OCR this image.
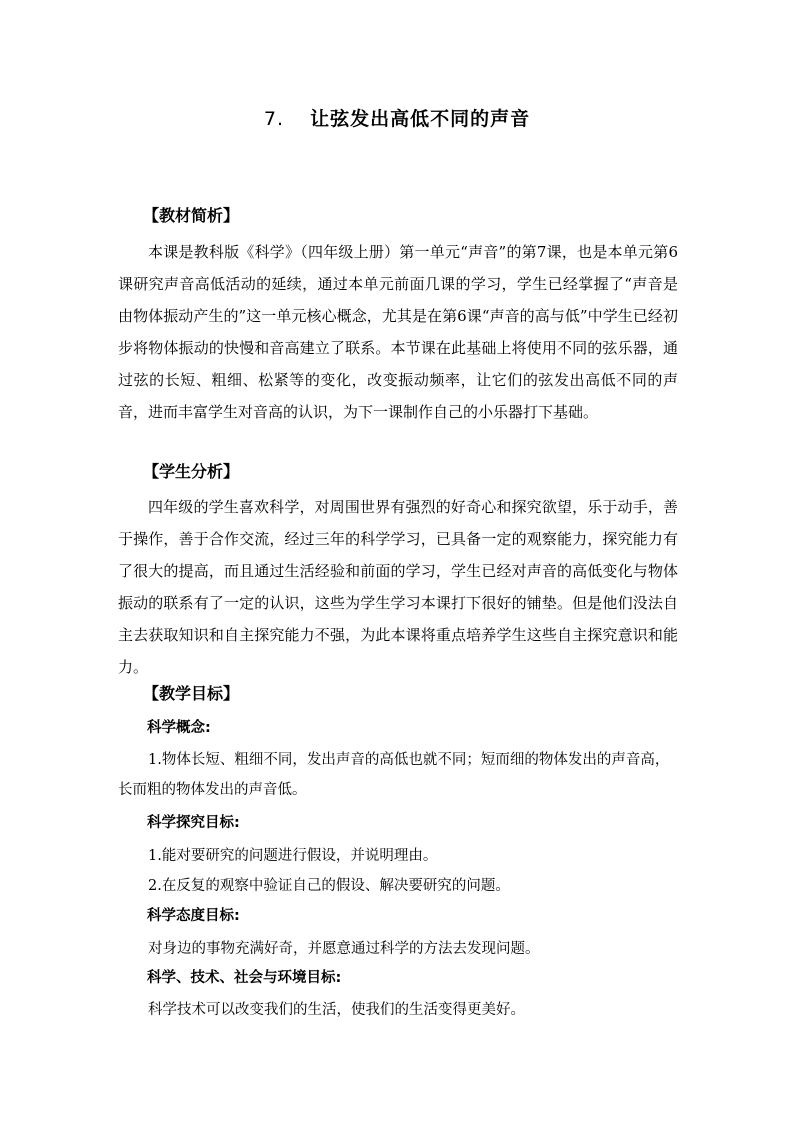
7. 让弦发出高低不同的声音
【教材简析】
本课是教科版《科学》（四年级上册）第一单元“声音”的第7课，也是本单元第6课研究声音高低活动的延续，通过本单元前面几课的学习，学生已经掌握了“声音是由物体振动产生的”这一单元核心概念，尤其是在第6课“声音的高与低”中学生已经初步将物体振动的快慢和音高建立了联系。本节课在此基础上将使用不同的弦乐器，通过弦的长短、粗细、松紧等的变化，改变振动频率，让它们的弦发出高低不同的声音，进而丰富学生对音高的认识，为下一课制作自己的小乐器打下基础。
【学生分析】
四年级的学生喜欢科学，对周围世界有强烈的好奇心和探究欲望，乐于动手，善于操作，善于合作交流，经过三年的科学学习，已具备一定的观察能力，探究能力有了很大的提高，而且通过生活经验和前面的学习，学生已经对声音的高低变化与物体振动的联系有了一定的认识，这些为学生学习本课打下很好的铺垫。但是他们没法自主去获取知识和自主探究能力不强，为此本课将重点培养学生这些自主探究意识和能力。
【教学目标】
科学概念:
1.物体长短、粗细不同，发出声音的高低也就不同；短而细的物体发出的声音高，长而粗的物体发出的声音低。
科学探究目标:
1.能对要研究的问题进行假设，并说明理由。
2.在反复的观察中验证自己的假设、解决要研究的问题。
科学态度目标:
对身边的事物充满好奇，并愿意通过科学的方法去发现问题。
科学、技术、社会与环境目标:
科学技术可以改变我们的生活，使我们的生活变得更美好。
